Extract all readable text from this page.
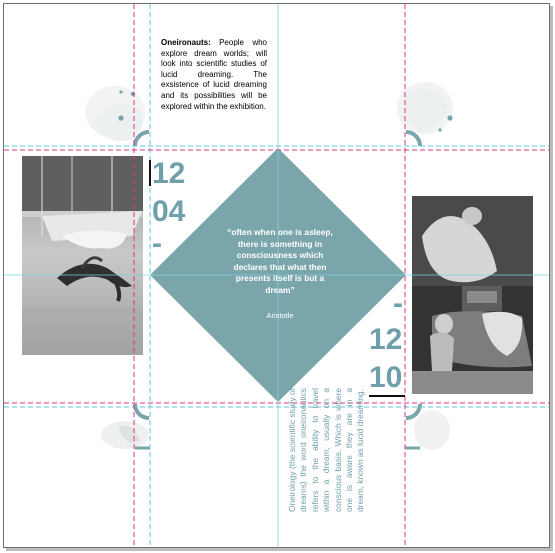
Oneironauts: People who explore dream worlds; will look into scientific studies of lucid dreaming. The exsistence of lucid dreaming and its possibilities will be explored within the exhibition.
“often when one is asleep, there is something in consciousness which declares that what then presents itself is but a dream”
Aristotle
12
04
-
-
12
10
Oneirology (the scientific study of dreams) the word oneironautics refers to the ability to travel within a dream, usually on a conscious basis. Which is where one is aware they are in a dream, known as lucid dreaming.
